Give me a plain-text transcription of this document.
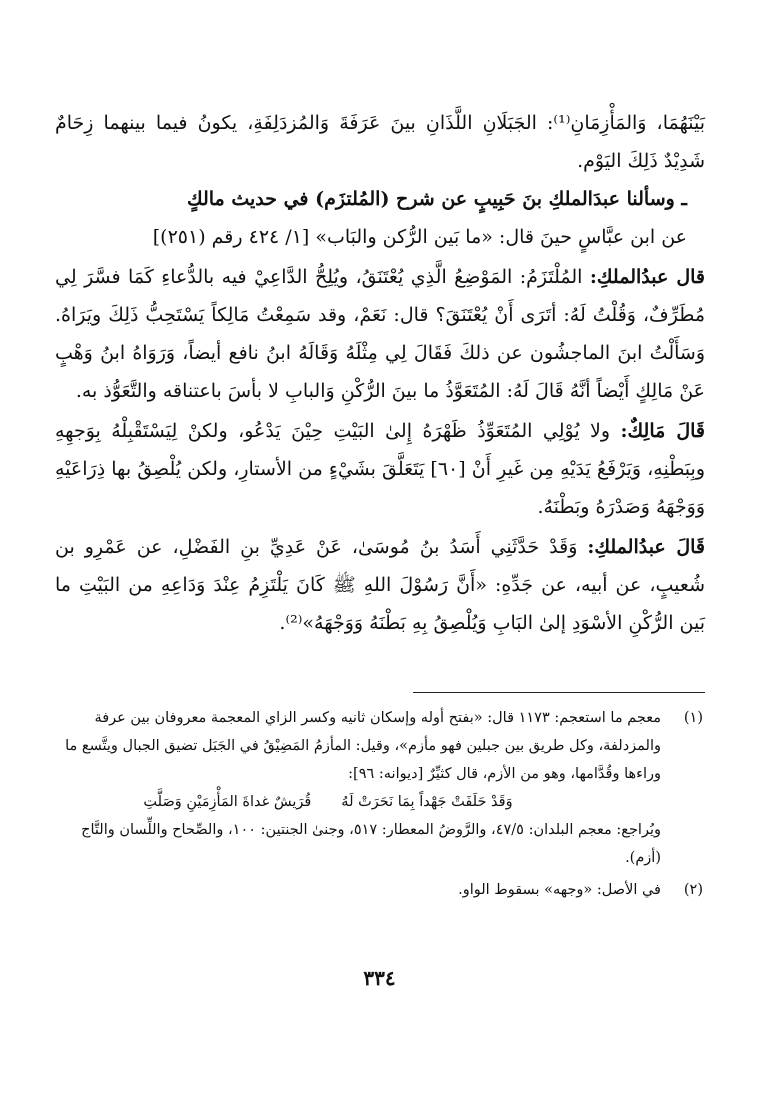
بَيْنَهُمَا، وَالمَأْزِمَانِ⁽¹⁾: الجَبَلَانِ اللَّذَانِ بينَ عَرَفَةَ وَالمُزدَلِفَةِ، يكونُ فيما بينهما زِحَامٌ شَدِيْدٌ ذَلِكَ اليَوْم.

ـ وسألنا عبدَالملكِ بنَ حَبِيبٍ عن شرح (المُلتزَم) في حديث مالكٍ

عن ابن عبَّاسٍ حينَ قال: «ما بَين الرُّكن والبَاب» [١/ ٤٢٤ رقم (٢٥١)]

قال عبدُالملكِ: المُلْتَزَمُ: المَوْضِعُ الَّذِي يُعْتَنَقُ، ويُلِحُّ الدَّاعِيْ فيه بالدُّعاءِ كَمَا فسَّرَ لِي مُطَرِّفٌ، وَقُلْتُ لَهُ: أتَرَى أَنْ يُعْتَنَقَ؟ قال: نَعَمْ، وقد سَمِعْتُ مَالِكاً يَسْتَحِبُّ ذَلِكَ ويَرَاهُ. وَسَأَلْتُ ابنَ الماجشُون عن ذلكَ فَقَالَ لِي مِثْلَهُ وَقَالَهُ ابنُ نافع أيضاً، وَرَوَاهُ ابنُ وَهْبٍ عَنْ مَالِكٍ أَيْضاً أنَّهُ قَالَ لَهُ: المُتَعَوَّذُ ما بينَ الرُّكْنِ وَالبابِ لا بأسَ باعتناقه والتَّعَوُّذ به.

قَالَ مَالِكٌ: ولا يُوْلِي المُتَعَوِّذُ ظَهْرَهُ إِلىٰ البَيْتِ حِيْنَ يَدْعُو، ولكنْ لِيَسْتَقْبِلْهُ بِوَجهِهِ وبِبَطْنِهِ، وَيَرْفَعُ يَدَيْهِ مِن غَيرِ أَنْ [٦٠] يَتَعَلَّقَ بشَيْءٍ من الأستارِ، ولكن يُلْصِقُ بها ذِرَاعَيْهِ وَوَجْهَهُ وَصَدْرَهُ وبَطْنَهُ.

قَالَ عبدُالملكِ: وَقَدْ حَدَّثَنِي أَسَدُ بنُ مُوسَىٰ، عَنْ عَدِيِّ بنِ الفَضْلِ، عن عَمْرِو بن شُعيبٍ، عن أبيه، عن جَدِّهِ: «أَنَّ رَسُوْلَ اللهِ ﷺ كَانَ يَلْتَزِمُ عِنْدَ وَدَاعِهِ من البَيْتِ ما بَين الرُّكْنِ الأسْوَدِ إلىٰ البَابِ وَيُلْصِقُ بِهِ بَطْنَهُ وَوَجْهَهُ»⁽²⁾.

(١)

معجم ما استعجم: ١١٧٣ قال: «بفتح أوله وإسكان ثانيه وكسر الزاي المعجمة معروفان بين عرفة والمزدلفة، وكل طريق بين جبلين فهو مأزم»، وقيل: المأزمُ المَضِيْقُ في الجَبَل تضيق الجبال ويتَّسع ما وراءها وقُدَّامها، وهو من الأزم، قال كثيِّرٌ [ديوانه: ٩٦]:

وَقَدْ حَلَفَتْ جَهْداً بِمَا نَحَرَتْ لَهُ
قُرَيشٌ غداةَ المَأْزِمَيْنِ وَصَلَّتِ

ويُراجع: معجم البلدان: ٤٧/٥، والرَّوضُ المعطار: ٥١٧، وجنىٰ الجنتين: ١٠٠، والصِّحاح واللِّسان والتَّاج (أزم).

(٢)

في الأصل: «وجهه» بسقوط الواو.

٣٣٤
